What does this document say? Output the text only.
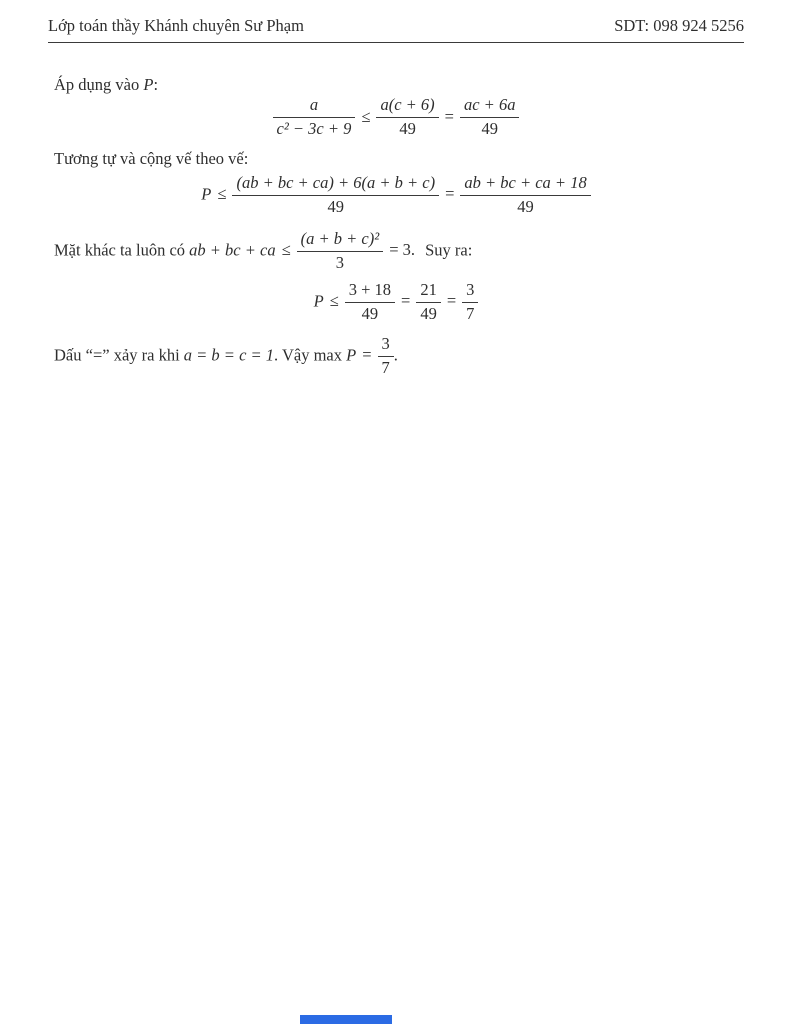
Lớp toán thầy Khánh chuyên Sư Phạm	SDT: 098 924 5256

Áp dụng vào P:

$\frac{a}{\text{c² − 3c + 9}} \le \frac{a(c + 6)}{49} = \frac{ac + 6a}{49}$

Tương tự và cộng vế theo vế:

$P \le \frac{(ab + bc + ca) + 6(a + b + c)}{49} = \frac{ab + bc + ca + 18}{49}$

Mặt khác ta luôn có ab + bc + ca ≤ $\frac{\text{(a + b + c)²}}{3} = 3$. Suy ra:

$P \le \frac{3 + 18}{49} = \frac{21}{49} = \frac{3}{7}$

Dấu “=” xảy ra khi a = b = c = 1. Vậy $\max P = \frac{3}{7}$ .
